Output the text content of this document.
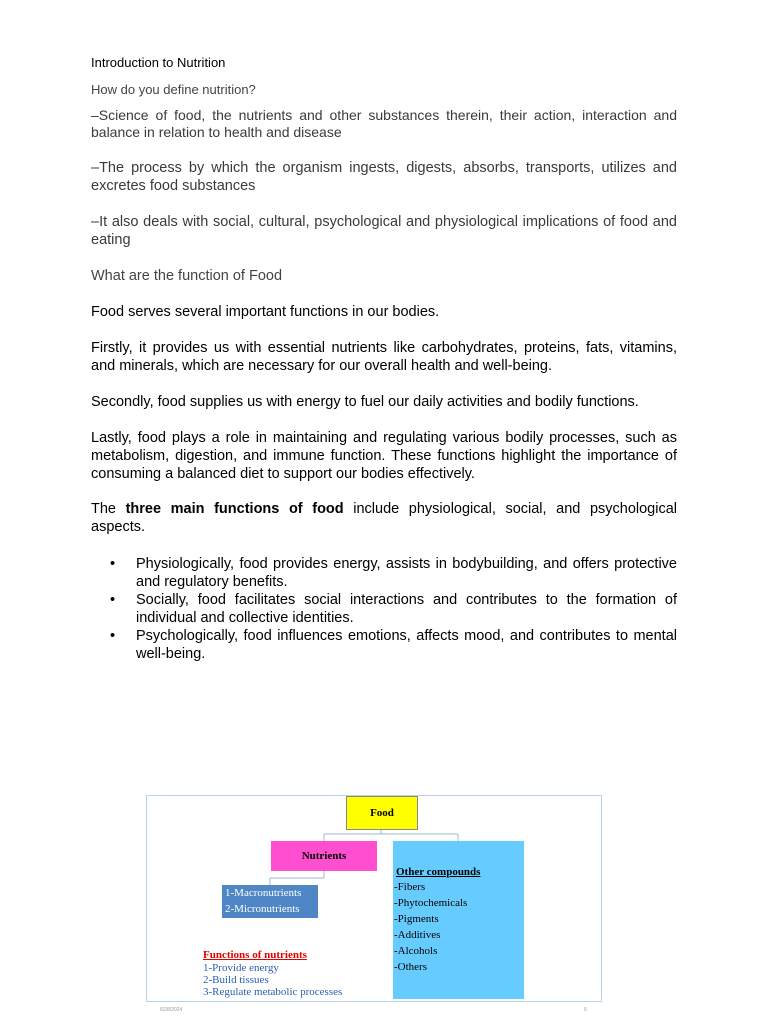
Introduction to Nutrition

How do you define nutrition?

–Science of food, the nutrients and other substances therein, their action, interaction and balance in relation to health and disease

–The process by which the organism ingests, digests, absorbs, transports, utilizes and excretes food substances

–It also deals with social, cultural, psychological and physiological implications of food and eating

What are the function of Food

Food serves several important functions in our bodies.

Firstly, it provides us with essential nutrients like carbohydrates, proteins, fats, vitamins, and minerals, which are necessary for our overall health and well-being.

Secondly, food supplies us with energy to fuel our daily activities and bodily functions.

Lastly, food plays a role in maintaining and regulating various bodily processes, such as metabolism, digestion, and immune function. These functions highlight the importance of consuming a balanced diet to support our bodies effectively.

The three main functions of food include physiological, social, and psychological aspects.

• Physiologically, food provides energy, assists in bodybuilding, and offers protective and regulatory benefits.
• Socially, food facilitates social interactions and contributes to the formation of individual and collective identities.
• Psychologically, food influences emotions, affects mood, and contributes to mental well-being.
Food
Nutrients
Other compounds
-Fibers
-Phytochemicals
-Pigments
-Additives
-Alcohols
-Others
1-Macronutrients
2-Micronutrients
Functions of nutrients
1-Provide energy
2-Build tissues
3-Regulate metabolic processes
6/28/2024	5
